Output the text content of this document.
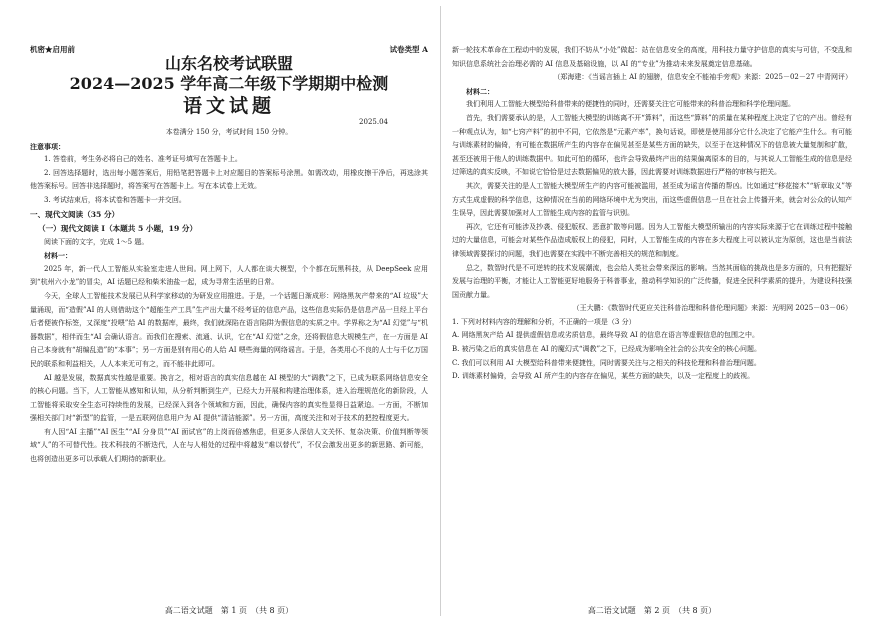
机密★启用前	试卷类型 A
山东名校考试联盟
2024—2025 学年高二年级下学期期中检测
语文试题
2025.04

本卷满分 150 分，考试时间 150 分钟。

注意事项：

1. 答卷前，考生务必将自己的姓名、准考证号填写在答题卡上。

2. 回答选择题时，选出每小题答案后，用铅笔把答题卡上对应题目的答案标号涂黑。如需改动，用橡皮擦干净后，再选涂其他答案标号。回答非选择题时，将答案写在答题卡上。写在本试卷上无效。

3. 考试结束后，将本试卷和答题卡一并交回。

一、现代文阅读（35 分）

（一）现代文阅读 Ⅰ（本题共 5 小题，19 分）

阅读下面的文字，完成 1～5 题。

材料一：

2025 年，新一代人工智能从实验室走进人世间。网上网下，人人都在谈大模型，个个都在玩黑科技，从 DeepSeek 应用到“杭州六小龙”的冒尖，AI 话题已经和柴米油盐一起，成为寻常生活里的日常。

今天，全球人工智能技术发展已从科学家移动的为研发应用推进。于是，一个话题日渐成形：网络黑灰产带来的“AI 垃圾”大量涌现，而“造假”AI 的人则借助这个“超能生产工具”生产出大量不经考证的信息产品，这些信息实际仍是信息产品一旦经上平台后者便被作标签，又深度“投喂”给 AI 的数据库，最终，我们就深陷在语言陷阱为假信息的实质之中。学界称之为“AI 幻觉”与“机器数据”，相伴而生“AI 会确认语言。而我们在搜索、流通、认识，它在“AI 幻觉”之余，还将假信息大规模生产，在一方面是 AI 自己本身就有“胡编乱造”的“本事”；另一方面是别有用心的人给 AI 喂些海量的网络谣言。于是，各类用心不良的人士与千亿万国民的联系和利益相关，人人本来无可有之，而不能非此即可。

AI 越是发展，数据真实性越是重要。换言之，相对语言的真实信息越在 AI 模型的大“调教”之下，已成为联系网络信息安全的核心问题。当下，人工智能从感知和认知，从分析判断到生产，已经大力开展和构建治理体系，进入治理规范化的新阶段，人工智能将采取安全生态可持续性的发展，已经深入到各个领域和方面，因此，确保内容的真实性显得日益紧迫。一方面，不断加强相关部门对“新型”的监管，一是五联网信息用户为 AI 提供“清洁能源”。另一方面，高度关注和对于技术的把控程度更大。

有人因“AI 主播”“AI 医生”“AI 分身员”“AI 面试官”的上岗而倍感焦虑，但更多人深信人文关怀、复杂决策、价值判断等领域“人”的不可替代性。技术科技的不断迭代，人在与人相处的过程中将越发“难以替代”，不仅会激发出更多的新思路、新可能，也将创造出更多可以承载人们期待的新职业。

高二语文试题　第 1 页　（共 8 页）

新一轮技术革命在工程动中的发展，我们不妨从“小处”做起：站在信息安全的高度，用科技力量守护信息的真实与可信，不变乱和知识信息系统社会治理必需的 AI 信息及基础设施，以 AI 的“专业”为推动未来发展奠定信息基础。

（郑海建：《当谣言插上 AI 的翅膀，信息安全不能袖手旁观》来源：2025－02－27 中青网评）

材料二：

我们利用人工智能大模型给科普带来的便捷性的同时，还需要关注它可能带来的科普治理和科学伦理问题。

首先，我们需要承认的是，人工智能大模型的训练离不开“算料”，而这些“算料”的质量在某种程度上决定了它的产出。曾经有一种观点认为，如“七窍产料”的初中不同，它依然是“元素产率”，换句话说，即使是使用部分它什么决定了它能产生什么。有可能与训练素材的偏倚，有可能在数据所产生的内容存在偏见甚至是某些方面的缺失，以至于在这种情况下的信息被大量复制和扩散，甚至还被用于他人的训练数据中。如此可怕的循环，也许会导致最终产出的结果偏离原本的目的，与其说人工智能生成的信息是经过筛选的真实反映，不如说它恰恰是过去数据偏见的放大器，因此需要对训练数据进行严格的审核与把关。

其次，需要关注的是人工智能大模型所生产的内容可能被滥用，甚至成为谣言传播的帮凶。比如通过“移花接木”“斩章取义”等方式生成虚假的科学信息，这种情况在当前的网络环境中尤为突出，而这些虚假信息一旦在社会上传播开来，就会对公众的认知产生误导，因此需要加强对人工智能生成内容的监管与识别。

再次，它还有可能涉及抄袭、侵犯版权、恶意扩散等问题。因为人工智能大模型所输出的内容实际来源于它在训练过程中接触过的大量信息，可能会对某些作品造成版权上的侵犯，同时，人工智能生成的内容在多大程度上可以被认定为原创，这也是当前法律领域需要探讨的问题，我们也需要在实践中不断完善相关的规范和制度。

总之，数智时代是不可逆转的技术发展潮流，也会给人类社会带来深远的影响。当然其面临的挑战也是多方面的，只有把握好发展与治理的平衡，才能让人工智能更好地服务于科普事业，推动科学知识的广泛传播，促进全民科学素质的提升，为建设科技强国贡献力量。

（王大鹏：《数智时代更应关注科普治理和科普伦理问题》来源：光明网 2025－03－06）

1. 下列对材料内容的理解和分析，不正确的一项是（3 分）

A. 网络黑灰产给 AI 提供虚假信息或劣质信息，最终导致 AI 的信息在语言等虚假信息的包围之中。

B. 被污染之后的真实信息在 AI 的魔幻式“调教”之下，已经成为影响全社会的公共安全的核心问题。

C. 我们可以利用 AI 大模型给科普带来便捷性，同时需要关注与之相关的科技伦理和科普治理问题。

D. 训练素材偏倚，会导致 AI 所产生的内容存在偏见，某些方面的缺失，以及一定程度上的歧视。

高二语文试题　第 2 页　（共 8 页）
